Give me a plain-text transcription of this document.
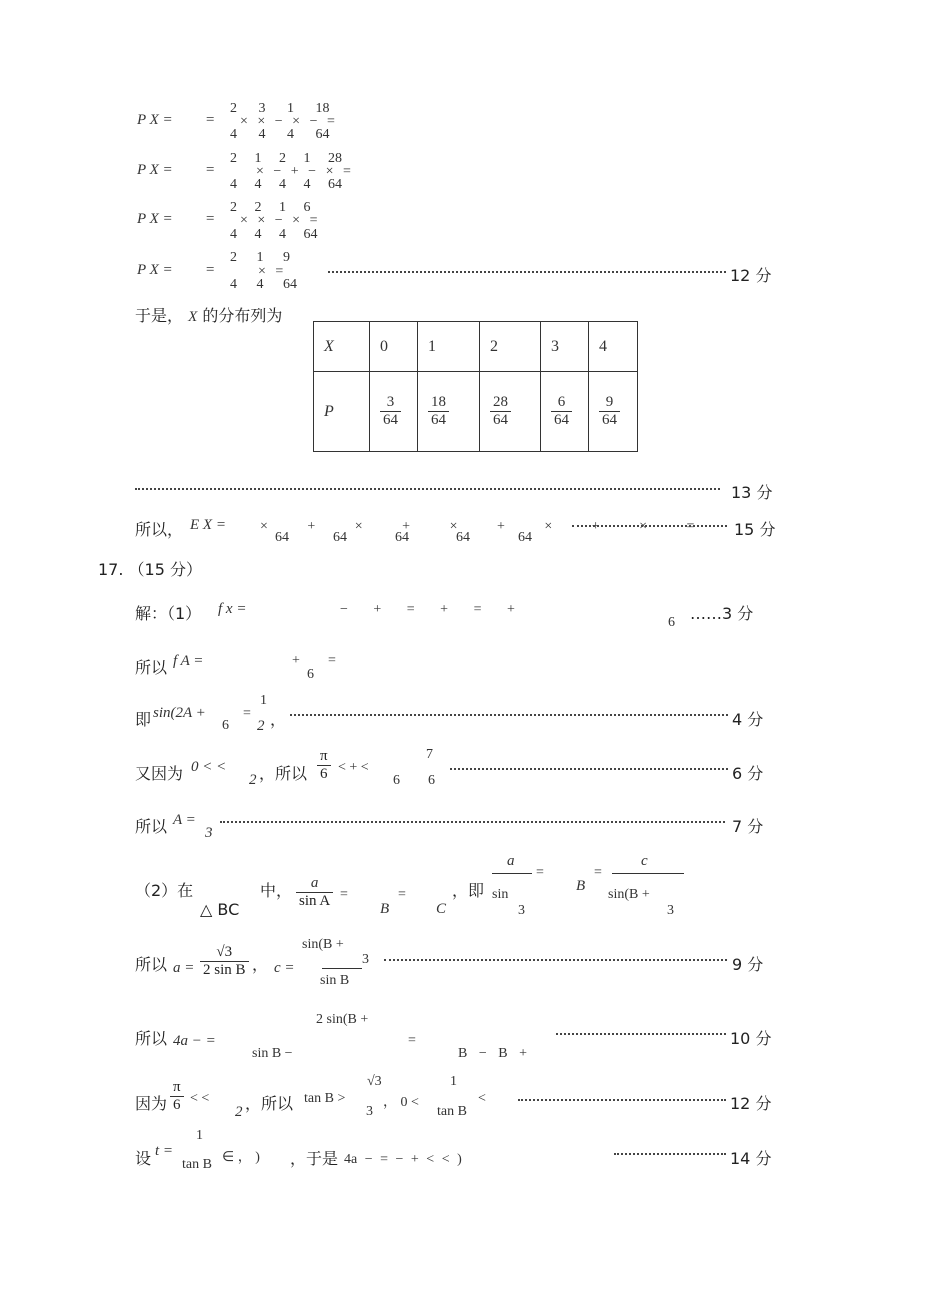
P X = =
2 3 1 18
4 4 4 64
× × − × − =
P X = =
2 1 2 1 28
4 4 4 4 64
× − + − × =
P X = =
2 2 1 6
4 4 4 64
× × − × =
P X = =
2 1 9
4 4 64
× =	12 分
于是， X 的分布列为
X	0	1	2	3	4
P	$\frac{3}{64}$	$\frac{18}{64}$	$\frac{28}{64}$	$\frac{6}{64}$	$\frac{9}{64}$
13 分
所以， E X = × + × + × + × + × =
64	64	64	64	64	15 分
17. （15 分）
解：（1） f x =	− + = + = +
6 ……3 分
所以 f A =	+
6
=
即 sin(2A +
6
=
1
2 ，	4 分
又因为 0 < <
2 ，所以 $\frac{\pi}{6}$ < + <
6 6
7
6 分
所以 A =
3	7 分
（2）在
△ BC
中， $\frac{a}{\text{sin A}}$ =
B
=
C
，即
a
sin
3
=
B
=
c
sin(B +
3
所以 $a = \frac{√3}{\text{2 sin B}}$ ， c =
sin(B +
3
sin B
9 分
所以 4a − =
sin B −
2 sin(B +
=
B − B +
10 分
因为 $\frac{\pi}{6}$ < <
2 ，所以 tan B >
√3
3
， 0 <
1
tan B
<	12 分
设 t =
1
tan B ∈ ， ) ，于是 4a − = − + < < )	14 分
